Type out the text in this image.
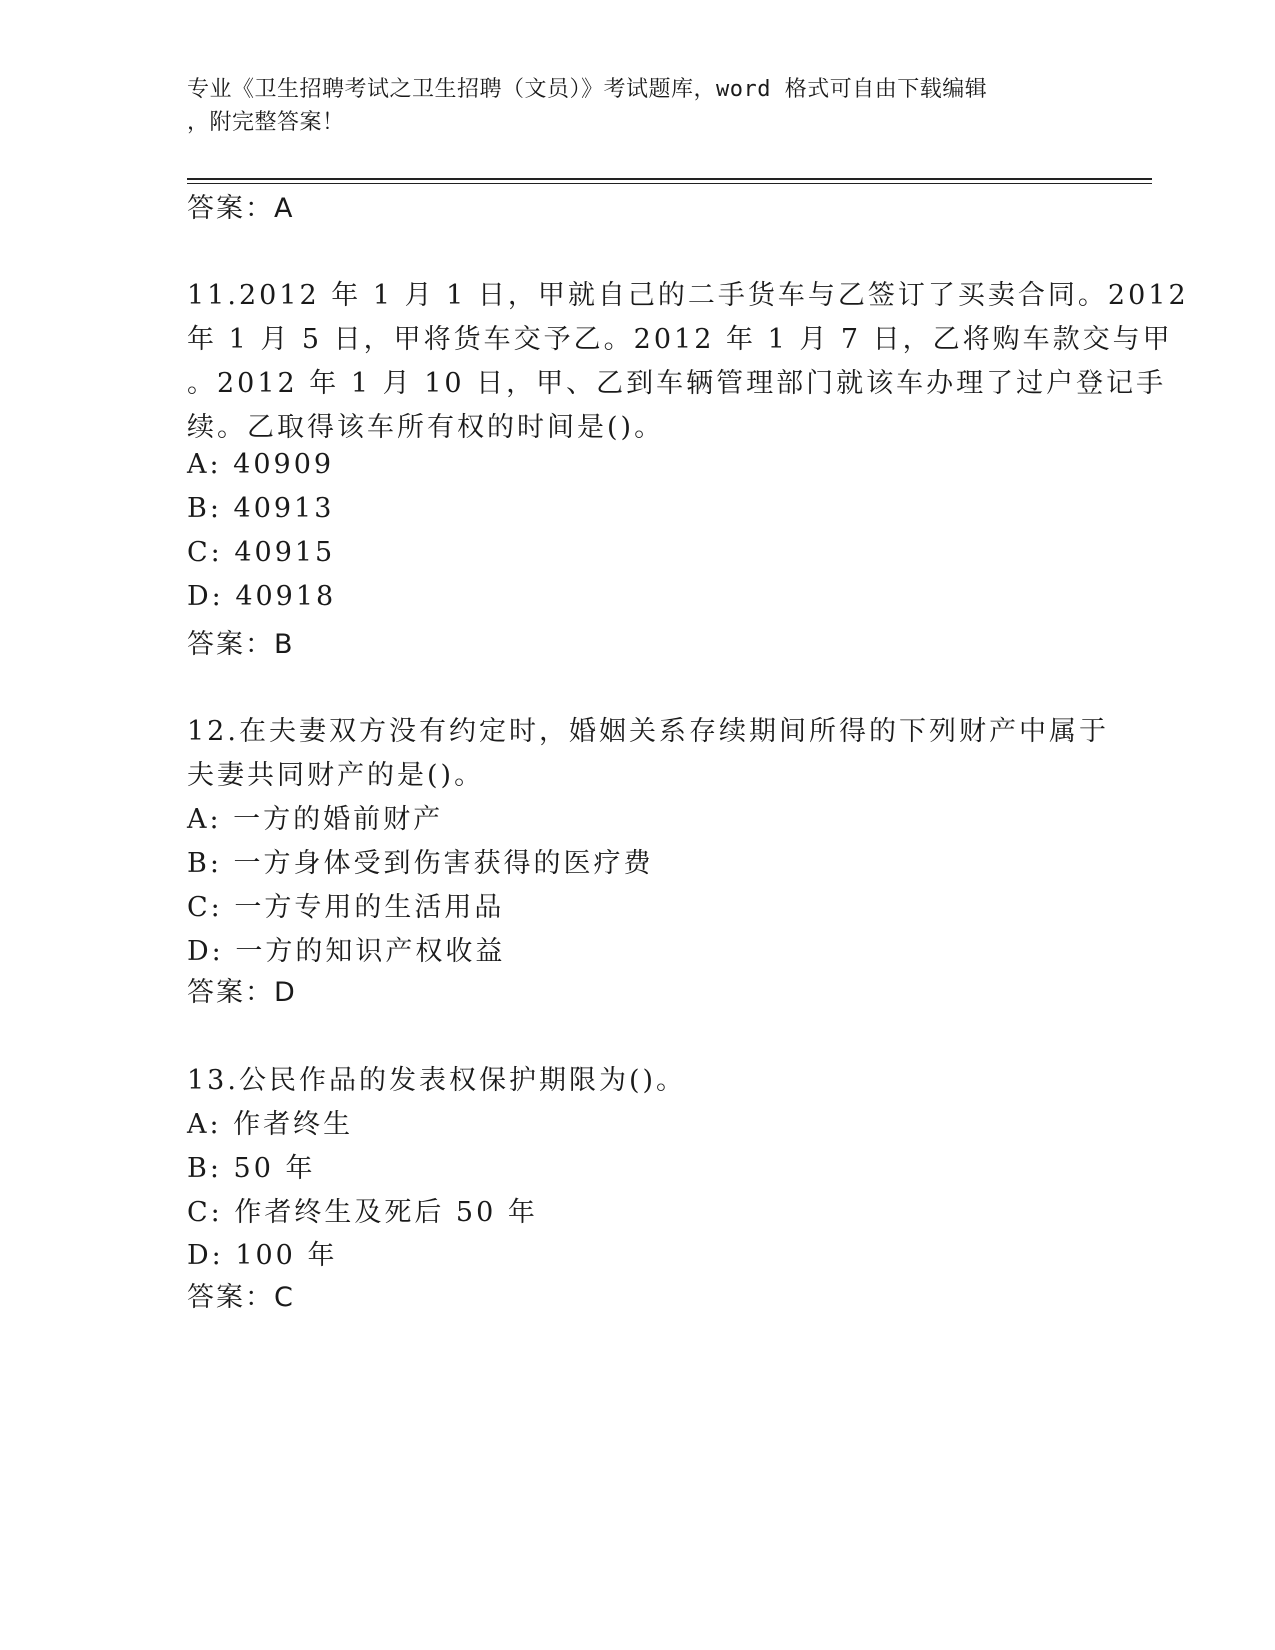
专业《卫生招聘考试之卫生招聘（文员）》考试题库，word 格式可自由下载编辑
，附完整答案！
答案：A
11.2012 年 1 月 1 日，甲就自己的二手货车与乙签订了买卖合同。2012
年 1 月 5 日，甲将货车交予乙。2012 年 1 月 7 日，乙将购车款交与甲
。2012 年 1 月 10 日，甲、乙到车辆管理部门就该车办理了过户登记手
续。乙取得该车所有权的时间是()。
A: 40909
B: 40913
C: 40915
D: 40918
答案：B
12.在夫妻双方没有约定时，婚姻关系存续期间所得的下列财产中属于
夫妻共同财产的是()。
A: 一方的婚前财产
B: 一方身体受到伤害获得的医疗费
C: 一方专用的生活用品
D: 一方的知识产权收益
答案：D
13.公民作品的发表权保护期限为()。
A: 作者终生
B: 50 年
C: 作者终生及死后 50 年
D: 100 年
答案：C
